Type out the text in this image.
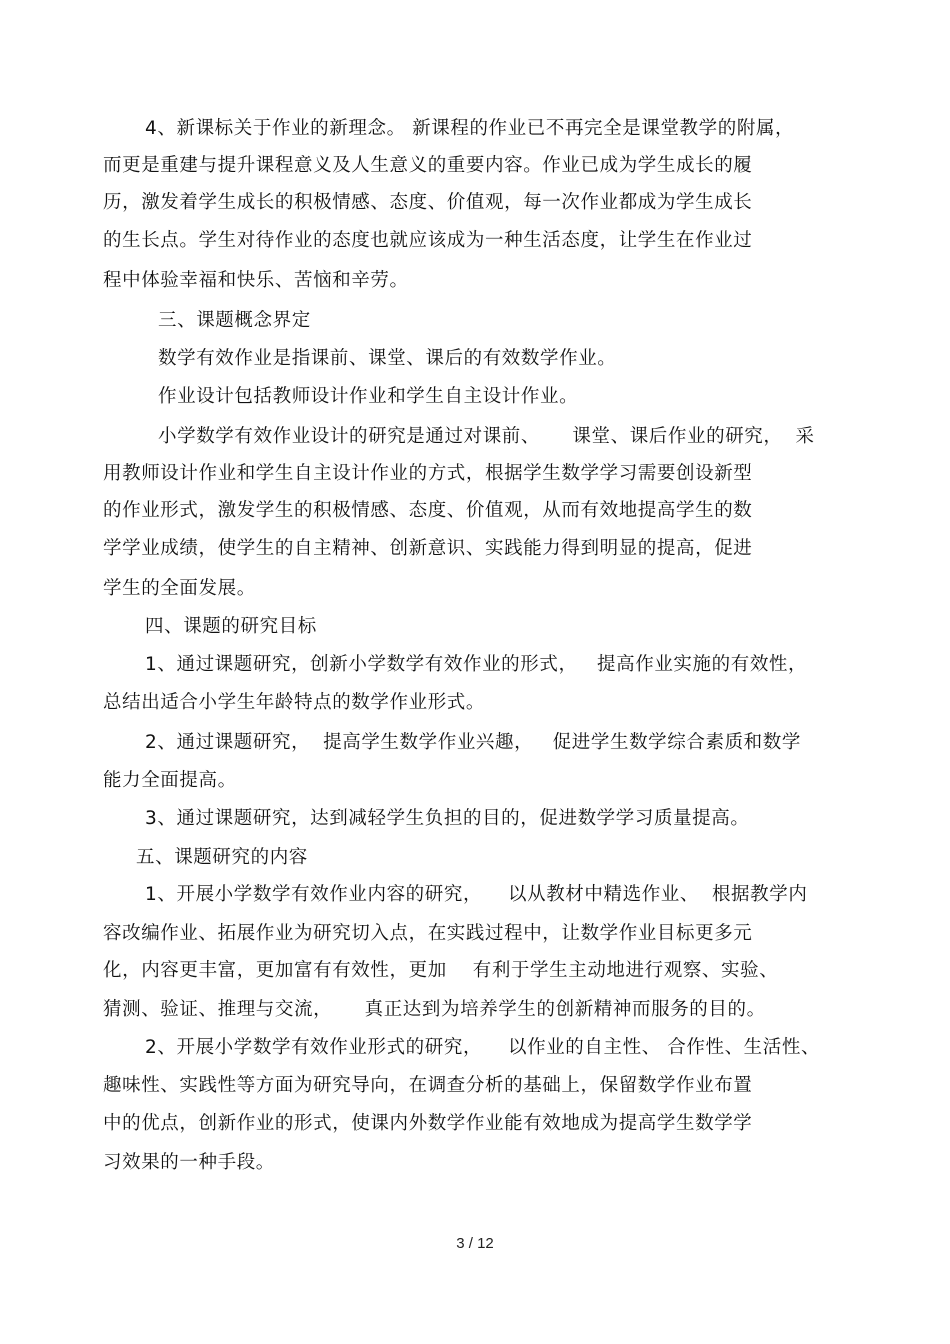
4、新课标关于作业的新理念。 新课程的作业已不再完全是课堂教学的附属，
而更是重建与提升课程意义及人生意义的重要内容。作业已成为学生成长的履
历，激发着学生成长的积极情感、态度、价值观，每一次作业都成为学生成长
的生长点。学生对待作业的态度也就应该成为一种生活态度，让学生在作业过
程中体验幸福和快乐、苦恼和辛劳。
三、课题概念界定
数学有效作业是指课前、课堂、课后的有效数学作业。
作业设计包括教师设计作业和学生自主设计作业。
小学数学有效作业设计的研究是通过对课前、     课堂、课后作业的研究，  采
用教师设计作业和学生自主设计作业的方式，根据学生数学学习需要创设新型
的作业形式，激发学生的积极情感、态度、价值观，从而有效地提高学生的数
学学业成绩，使学生的自主精神、创新意识、实践能力得到明显的提高，促进
学生的全面发展。
四、课题的研究目标
1、通过课题研究，创新小学数学有效作业的形式，   提高作业实施的有效性，
总结出适合小学生年龄特点的数学作业形式。
2、通过课题研究，  提高学生数学作业兴趣，   促进学生数学综合素质和数学
能力全面提高。
3、通过课题研究，达到减轻学生负担的目的，促进数学学习质量提高。
五、课题研究的内容
1、开展小学数学有效作业内容的研究，    以从教材中精选作业、  根据教学内
容改编作业、拓展作业为研究切入点，在实践过程中，让数学作业目标更多元
化，内容更丰富，更加富有有效性，更加    有利于学生主动地进行观察、实验、
猜测、验证、推理与交流，     真正达到为培养学生的创新精神而服务的目的。
2、开展小学数学有效作业形式的研究，    以作业的自主性、 合作性、生活性、
趣味性、实践性等方面为研究导向，在调查分析的基础上，保留数学作业布置
中的优点，创新作业的形式，使课内外数学作业能有效地成为提高学生数学学
习效果的一种手段。
3 / 12
